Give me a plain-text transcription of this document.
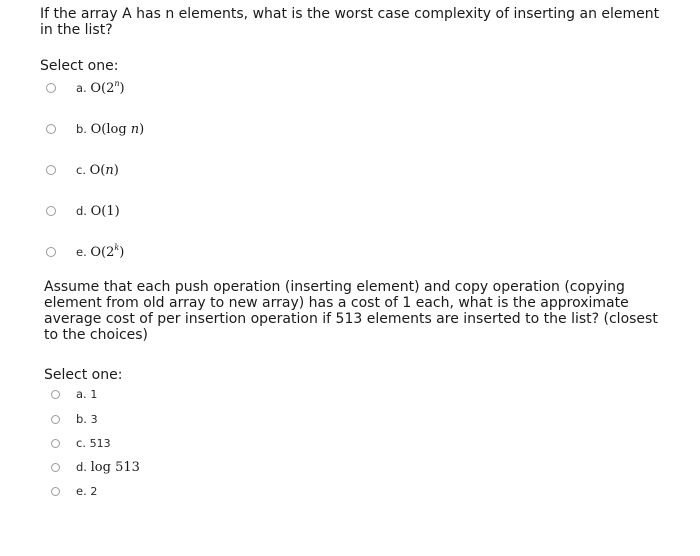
If the array A has n elements, what is the worst case complexity of inserting an element in the list?

Select one:
a. O(2$^n$)
b. O(log n)
c. O(n)
d. O(1)
e. O(2$^k$)

Assume that each push operation (inserting element) and copy operation (copying element from old array to new array) has a cost of 1 each, what is the approximate average cost of per insertion operation if 513 elements are inserted to the list? (closest to the choices)

Select one:
a. 1
b. 3
c. 513
d. log 513
e. 2
